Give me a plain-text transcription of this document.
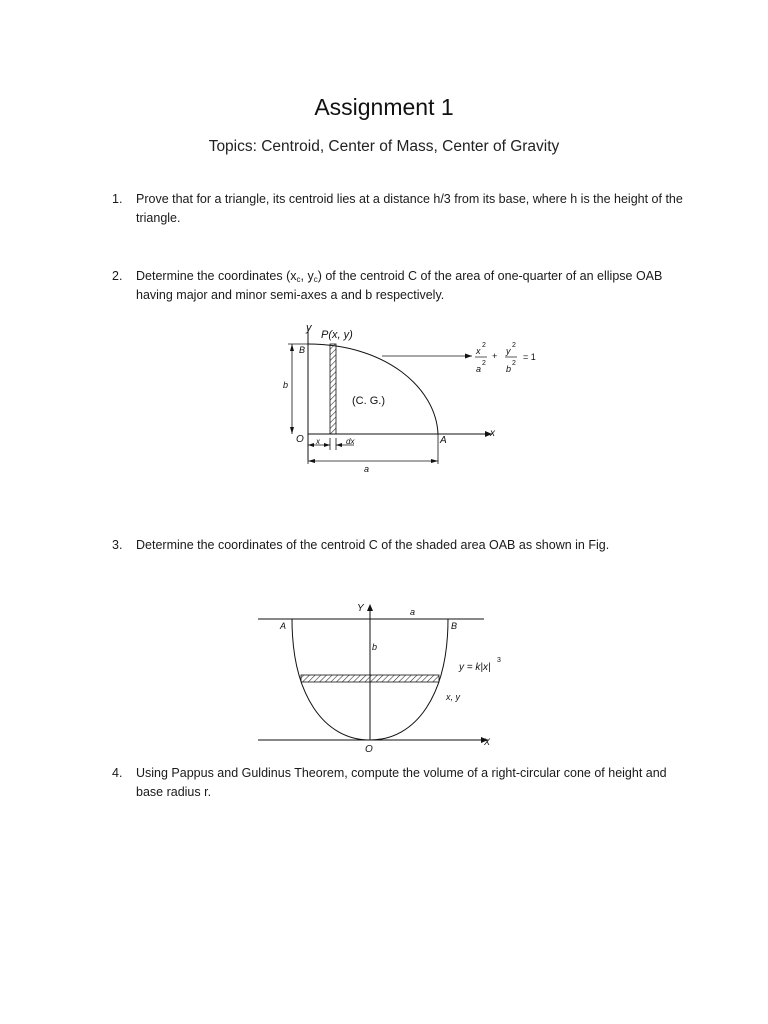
Assignment 1
Topics: Centroid, Center of Mass, Center of Gravity
1.	Prove that for a triangle, its centroid lies at a distance h/3 from its base, where h is the height of the triangle.
2.	Determine the coordinates ($x_c$, $y_c$) of the centroid C of the area of one-quarter of an ellipse OAB having major and minor semi-axes a and b respectively.
y
P(x, y)
B
b
O	A
x
x	dx
a
(C. G.)
x
2
a
2
+ y
2
b
2
= 1
3.	Determine the coordinates of the centroid C of the shaded area OAB as shown in Fig.
Y	a
A	B
b
y = k|x|
3
x, y
O
X
4.	Using Pappus and Guldinus Theorem, compute the volume of a right-circular cone of height and base radius r.
